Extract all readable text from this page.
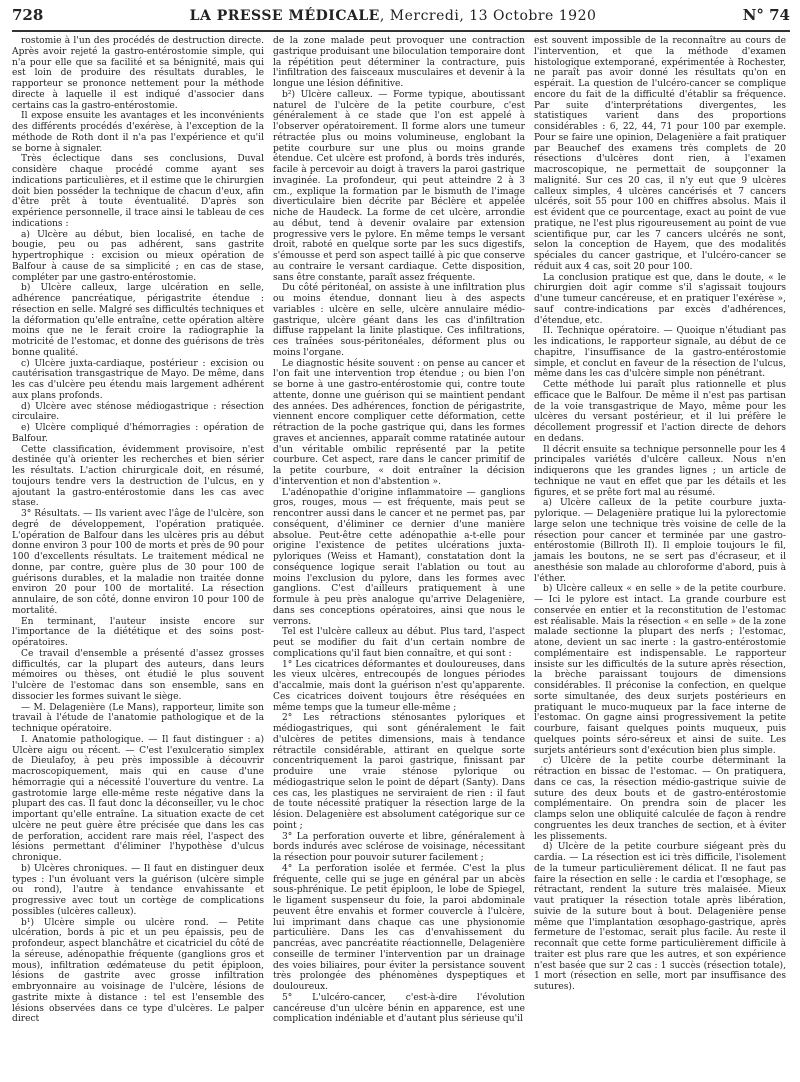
728	LA PRESSE MÉDICALE, Mercredi, 13 Octobre 1920	N° 74

rostomie à l'un des procédés de destruction directe. Après avoir rejeté la gastro-entérostomie simple, qui n'a pour elle que sa facilité et sa bénignité, mais qui est loin de produire des résultats durables, le rapporteur se prononce nettement pour la méthode directe à laquelle il est indiqué d'associer dans certains cas la gastro-entérostomie.

Il expose ensuite les avantages et les inconvénients des différents procédés d'exérèse, à l'exception de la méthode de Roth dont il n'a pas l'expérience et qu'il se borne à signaler.

Très éclectique dans ses conclusions, Duval considère chaque procédé comme ayant ses indications particulières, et il estime que le chirurgien doit bien posséder la technique de chacun d'eux, afin d'être prêt à toute éventualité. D'après son expérience personnelle, il trace ainsi le tableau de ces indications :

a) Ulcère au début, bien localisé, en tache de bougie, peu ou pas adhérent, sans gastrite hypertrophique : excision ou mieux opération de Balfour à cause de sa simplicité ; en cas de stase, compléter par une gastro-entérostomie.

b) Ulcère calleux, large ulcération en selle, adhérence pancréatique, périgastrite étendue : résection en selle. Malgré ses difficultés techniques et la déformation qu'elle entraîne, cette opération altère moins que ne le ferait croire la radiographie la motricité de l'estomac, et donne des guérisons de très bonne qualité.

c) Ulcère juxta-cardiaque, postérieur : excision ou cautérisation transgastrique de Mayo. De même, dans les cas d'ulcère peu étendu mais largement adhérent aux plans profonds.

d) Ulcère avec sténose médiogastrique : résection circulaire.

e) Ulcère compliqué d'hémorragies : opération de Balfour.

Cette classification, évidemment provisoire, n'est destinée qu'à orienter les recherches et bien sérier les résultats. L'action chirurgicale doit, en résumé, toujours tendre vers la destruction de l'ulcus, en y ajoutant la gastro-entérostomie dans les cas avec stase.

3° Résultats. — Ils varient avec l'âge de l'ulcère, son degré de développement, l'opération pratiquée. L'opération de Balfour dans les ulcères pris au début donne environ 3 pour 100 de morts et près de 90 pour 100 d'excellents résultats. Le traitement médical ne donne, par contre, guère plus de 30 pour 100 de guérisons durables, et la maladie non traitée donne environ 20 pour 100 de mortalité. La résection annulaire, de son côté, donne environ 10 pour 100 de mortalité.

En terminant, l'auteur insiste encore sur l'importance de la diététique et des soins post-opératoires.

Ce travail d'ensemble a présenté d'assez grosses difficultés, car la plupart des auteurs, dans leurs mémoires ou thèses, ont étudié le plus souvent l'ulcère de l'estomac dans son ensemble, sans en dissocier les formes suivant le siège.

— M. Delagenière (Le Mans), rapporteur, limite son travail à l'étude de l'anatomie pathologique et de la technique opératoire.

I. Anatomie pathologique. — Il faut distinguer : a) Ulcère aigu ou récent. — C'est l'exulceratio simplex de Dieulafoy, à peu près impossible à découvrir macroscopiquement, mais qui en cause d'une hémorragie qui a nécessité l'ouverture du ventre. La gastrotomie large elle-même reste négative dans la plupart des cas. Il faut donc la déconseiller, vu le choc important qu'elle entraîne. La situation exacte de cet ulcère ne peut guère être précisée que dans les cas de perforation, accident rare mais réel, l'aspect des lésions permettant d'éliminer l'hypothèse d'ulcus chronique.

b) Ulcères chroniques. — Il faut en distinguer deux types : l'un évoluant vers la guérison (ulcère simple ou rond), l'autre à tendance envahissante et progressive avec tout un cortège de complications possibles (ulcères calleux).

b¹) Ulcère simple ou ulcère rond. — Petite ulcération, bords à pic et un peu épaissis, peu de profondeur, aspect blanchâtre et cicatriciel du côté de la séreuse, adénopathie fréquente (ganglions gros et mous), infiltration œdémateuse du petit épiploon, lésions de gastrite avec grosse infiltration embryonnaire au voisinage de l'ulcère, lésions de gastrite mixte à distance : tel est l'ensemble des lésions observées dans ce type d'ulcères. Le palper direct

de la zone malade peut provoquer une contraction gastrique produisant une biloculation temporaire dont la répétition peut déterminer la contracture, puis l'infiltration des faisceaux musculaires et devenir à la longue une lésion définitive.

b²) Ulcère calleux. — Forme typique, aboutissant naturel de l'ulcère de la petite courbure, c'est généralement à ce stade que l'on est appelé à l'observer opératoirement. Il forme alors une tumeur rétractée plus ou moins volumineuse, englobant la petite courbure sur une plus ou moins grande étendue. Cet ulcère est profond, à bords très indurés, facile à percevoir au doigt à travers la paroi gastrique invaginée. La profondeur, qui peut atteindre 2 à 3 cm., explique la formation par le bismuth de l'image diverticulaire bien décrite par Béclère et appelée niche de Haudeck. La forme de cet ulcère, arrondie au début, tend à devenir ovalaire par extension progressive vers le pylore. En même temps le versant droit, raboté en quelque sorte par les sucs digestifs, s'émousse et perd son aspect taillé à pic que conserve au contraire le versant cardiaque. Cette disposition, sans être constante, paraît assez fréquente.

Du côté péritonéal, on assiste à une infiltration plus ou moins étendue, donnant lieu à des aspects variables : ulcère en selle, ulcère annulaire médio-gastrique, ulcère géant dans les cas d'infiltration diffuse rappelant la linite plastique. Ces infiltrations, ces traînées sous-péritonéales, déforment plus ou moins l'organe.

Le diagnostic hésite souvent : on pense au cancer et l'on fait une intervention trop étendue ; ou bien l'on se borne à une gastro-entérostomie qui, contre toute attente, donne une guérison qui se maintient pendant des années. Des adhérences, fonction de périgastrite, viennent encore compliquer cette déformation, cette rétraction de la poche gastrique qui, dans les formes graves et anciennes, apparaît comme ratatinée autour d'un véritable ombilic représenté par la petite courbure. Cet aspect, rare dans le cancer primitif de la petite courbure, « doit entraîner la décision d'intervention et non d'abstention ».

L'adénopathie d'origine inflammatoire — ganglions gros, rouges, mous — est fréquente, mais peut se rencontrer aussi dans le cancer et ne permet pas, par conséquent, d'éliminer ce dernier d'une manière absolue. Peut-être cette adénopathie a-t-elle pour origine l'existence de petites ulcérations juxta-pyloriques (Weiss et Hamant), constatation dont la conséquence logique serait l'ablation ou tout au moins l'exclusion du pylore, dans les formes avec ganglions. C'est d'ailleurs pratiquement à une formule à peu près analogue qu'arrive Delagenière, dans ses conceptions opératoires, ainsi que nous le verrons.

Tel est l'ulcère calleux au début. Plus tard, l'aspect peut se modifier du fait d'un certain nombre de complications qu'il faut bien connaître, et qui sont :

1° Les cicatrices déformantes et douloureuses, dans les vieux ulcères, entrecoupés de longues périodes d'accalmie, mais dont la guérison n'est qu'apparente. Ces cicatrices doivent toujours être réséquées en même temps que la tumeur elle-même ;

2° Les rétractions sténosantes pyloriques et médiogastriques, qui sont généralement le fait d'ulcères de petites dimensions, mais à tendance rétractile considérable, attirant en quelque sorte concentriquement la paroi gastrique, finissant par produire une vraie sténose pylorique ou médiogastrique selon le point de départ (Santy). Dans ces cas, les plastiques ne serviraient de rien : il faut de toute nécessité pratiquer la résection large de la lésion. Delagenière est absolument catégorique sur ce point ;

3° La perforation ouverte et libre, généralement à bords indurés avec sclérose de voisinage, nécessitant la résection pour pouvoir suturer facilement ;

4° La perforation isolée et fermée. C'est la plus fréquente, celle qui se juge en général par un abcès sous-phrénique. Le petit épiploon, le lobe de Spiegel, le ligament suspenseur du foie, la paroi abdominale peuvent être envahis et former couvercle à l'ulcère, lui imprimant dans chaque cas une physionomie particulière. Dans les cas d'envahissement du pancréas, avec pancréatite réactionnelle, Delagenière conseille de terminer l'intervention par un drainage des voies biliaires, pour éviter la persistance souvent très prolongée des phénomènes dyspeptiques et douloureux.

5° L'ulcéro-cancer, c'est-à-dire l'évolution cancéreuse d'un ulcère bénin en apparence, est une complication indéniable et d'autant plus sérieuse qu'il

est souvent impossible de la reconnaître au cours de l'intervention, et que la méthode d'examen histologique extemporané, expérimentée à Rochester, ne paraît pas avoir donné les résultats qu'on en espérait. La question de l'ulcéro-cancer se complique encore du fait de la difficulté d'établir sa fréquence. Par suite d'interprétations divergentes, les statistiques varient dans des proportions considérables : 6, 22, 44, 71 pour 100 par exemple. Pour se faire une opinion, Delagenière a fait pratiquer par Beauchef des examens très complets de 20 résections d'ulcères dont rien, à l'examen macroscopique, ne permettait de soupçonner la malignité. Sur ces 20 cas, il n'y eut que 9 ulcères calleux simples, 4 ulcères cancérisés et 7 cancers ulcérés, soit 55 pour 100 en chiffres absolus. Mais il est évident que ce pourcentage, exact au point de vue pratique, ne l'est plus rigoureusement au point de vue scientifique pur, car les 7 cancers ulcérés ne sont, selon la conception de Hayem, que des modalités spéciales du cancer gastrique, et l'ulcéro-cancer se réduit aux 4 cas, soit 20 pour 100.

La conclusion pratique est que, dans le doute, « le chirurgien doit agir comme s'il s'agissait toujours d'une tumeur cancéreuse, et en pratiquer l'exérèse », sauf contre-indications par excès d'adhérences, d'étendue, etc.

II. Technique opératoire. — Quoique n'étudiant pas les indications, le rapporteur signale, au début de ce chapitre, l'insuffisance de la gastro-entérostomie simple, et conclut en faveur de la résection de l'ulcus, même dans les cas d'ulcère simple non pénétrant.

Cette méthode lui paraît plus rationnelle et plus efficace que le Balfour. De même il n'est pas partisan de la voie transgastrique de Mayo, même pour les ulcères du versant postérieur, et il lui préfère le décollement progressif et l'action directe de dehors en dedans.

Il décrit ensuite sa technique personnelle pour les 4 principales variétés d'ulcère calleux. Nous n'en indiquerons que les grandes lignes ; un article de technique ne vaut en effet que par les détails et les figures, et se prête fort mal au résumé.

a) Ulcère calleux de la petite courbure juxta-pylorique. — Delagenière pratique lui la pylorectomie large selon une technique très voisine de celle de la résection pour cancer et terminée par une gastro-entérostomie (Billroth II). Il emploie toujours le fil, jamais les boutons, ne se sert pas d'écraseur, et il anesthésie son malade au chloroforme d'abord, puis à l'éther.

b) Ulcère calleux « en selle » de la petite courbure. — Ici le pylore est intact. La grande courbure est conservée en entier et la reconstitution de l'estomac est réalisable. Mais la résection « en selle » de la zone malade sectionne la plupart des nerfs ; l'estomac, atone, devient un sac inerte : la gastro-entérostomie complémentaire est indispensable. Le rapporteur insiste sur les difficultés de la suture après résection, la brèche paraissant toujours de dimensions considérables. Il préconise la confection, en quelque sorte simultanée, des deux surjets postérieurs en pratiquant le muco-muqueux par la face interne de l'estomac. On gagne ainsi progressivement la petite courbure, faisant quelques points muqueux, puis quelques points séro-séreux et ainsi de suite. Les surjets antérieurs sont d'exécution bien plus simple.

c) Ulcère de la petite courbe déterminant la rétraction en bissac de l'estomac. — On pratiquera, dans ce cas, la résection médio-gastrique suivie de suture des deux bouts et de gastro-entérostomie complémentaire. On prendra soin de placer les clamps selon une obliquité calculée de façon à rendre congruentes les deux tranches de section, et à éviter les plissements.

d) Ulcère de la petite courbure siégeant près du cardia. — La résection est ici très difficile, l'isolement de la tumeur particulièrement délicat. Il ne faut pas faire la résection en selle : le cardia et l'œsophage, se rétractant, rendent la suture très malaisée. Mieux vaut pratiquer la résection totale après libération, suivie de la suture bout à bout. Delagenière pense même que l'implantation œsophago-gastrique, après fermeture de l'estomac, serait plus facile. Au reste il reconnaît que cette forme particulièrement difficile à traiter est plus rare que les autres, et son expérience n'est basée que sur 2 cas : 1 succès (résection totale), 1 mort (résection en selle, mort par insuffisance des sutures).
